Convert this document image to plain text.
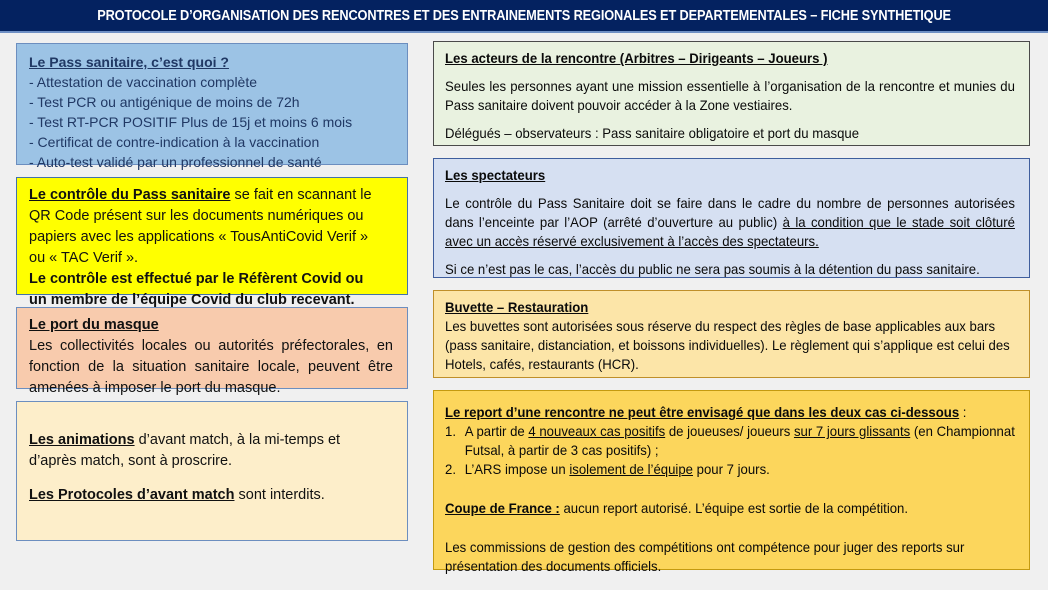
PROTOCOLE D’ORGANISATION DES RENCONTRES ET DES ENTRAINEMENTS REGIONALES ET DEPARTEMENTALES – FICHE SYNTHETIQUE

Le Pass sanitaire, c’est quoi ?

- Attestation de vaccination complète

- Test PCR ou antigénique de moins de 72h

- Test RT-PCR POSITIF Plus de 15j et moins 6 mois

- Certificat de contre-indication à la vaccination

- Auto-test validé par un professionnel de santé

Le contrôle du Pass sanitaire se fait en scannant le

QR Code présent sur les documents numériques ou

papiers avec les applications « TousAntiCovid Verif »

ou « TAC Verif ».

Le contrôle est effectué par le Réfèrent Covid ou

un membre de l’équipe Covid du club recevant.

Le port du masque

Les collectivités locales ou autorités préfectorales, en fonction de la situation sanitaire locale, peuvent être amenées à imposer le port du masque.

Les animations d’avant match, à la mi-temps et

d’après match, sont à proscrire.

Les Protocoles d’avant match sont interdits.

Les acteurs de la rencontre (Arbitres – Dirigeants – Joueurs )

Seules les personnes ayant une mission essentielle à l’organisation de la rencontre et munies du Pass sanitaire doivent pouvoir accéder à la Zone vestiaires.

Délégués – observateurs : Pass sanitaire obligatoire et port du masque

Les spectateurs

Le contrôle du Pass Sanitaire doit se faire dans le cadre du nombre de personnes autorisées dans l’enceinte par l’AOP (arrêté d’ouverture au public) à la condition que le stade soit clôturé avec un accès réservé exclusivement à l’accès des spectateurs.

Si ce n’est pas le cas, l’accès du public ne sera pas soumis à la détention du pass sanitaire.

Buvette – Restauration

Les buvettes sont autorisées sous réserve du respect des règles de base applicables aux bars (pass sanitaire, distanciation, et boissons individuelles). Le règlement qui s’applique est celui des Hotels, cafés, restaurants (HCR).

Le report d’une rencontre ne peut être envisagé que dans les deux cas ci-dessous :

1. A partir de 4 nouveaux cas positifs de joueuses/ joueurs sur 7 jours glissants (en Championnat Futsal, à partir de 3 cas positifs) ;
2. L’ARS impose un isolement de l’équipe pour 7 jours.

Coupe de France : aucun report autorisé. L’équipe est sortie de la compétition.

Les commissions de gestion des compétitions ont compétence pour juger des reports sur présentation des documents officiels.
